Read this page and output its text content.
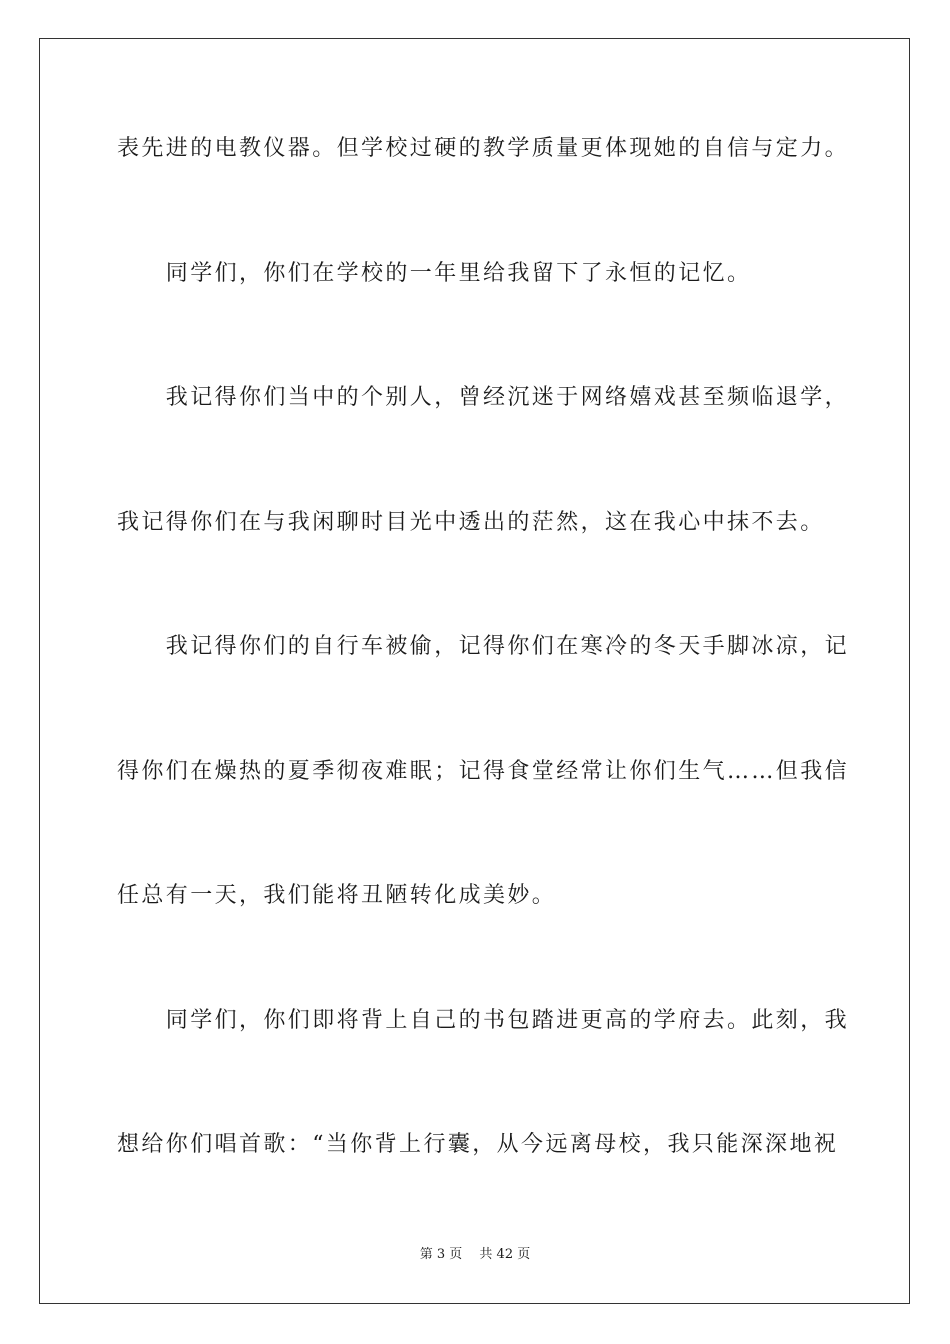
表先进的电教仪器。但学校过硬的教学质量更体现她的自信与定力。
　　同学们，你们在学校的一年里给我留下了永恒的记忆。
　　我记得你们当中的个别人，曾经沉迷于网络嬉戏甚至频临退学，
我记得你们在与我闲聊时目光中透出的茫然，这在我心中抹不去。
　　我记得你们的自行车被偷，记得你们在寒冷的冬天手脚冰凉，记
得你们在燥热的夏季彻夜难眠；记得食堂经常让你们生气……但我信
任总有一天，我们能将丑陋转化成美妙。
　　同学们，你们即将背上自己的书包踏进更高的学府去。此刻，我
想给你们唱首歌：“当你背上行囊，从今远离母校，我只能深深地祝
第 3 页　 共 42 页
